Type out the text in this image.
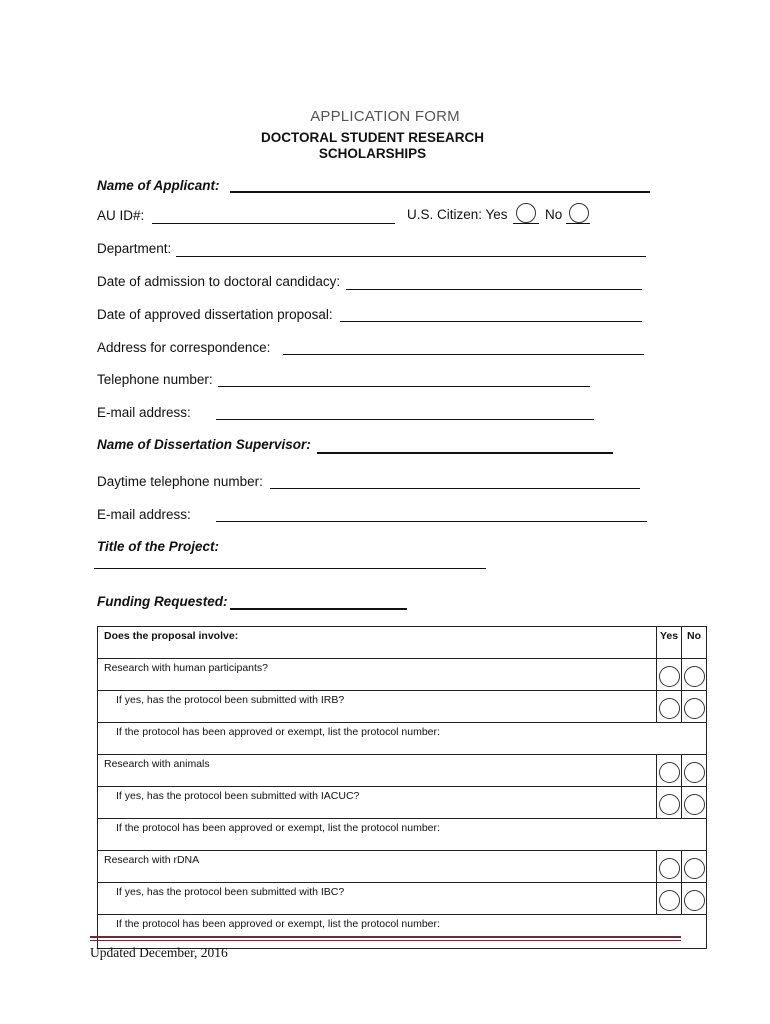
APPLICATION FORM
DOCTORAL STUDENT RESEARCH
SCHOLARSHIPS
Name of Applicant:
AU ID#:	U.S. Citizen: Yes	No
Department:
Date of admission to doctoral candidacy:
Date of approved dissertation proposal:
Address for correspondence:
Telephone number:
E-mail address:
Name of Dissertation Supervisor:
Daytime telephone number:
E-mail address:
Title of the Project:
Funding Requested:
Does the proposal involve:	Yes	No
Research with human participants?	

If yes, has the protocol been submitted with IRB?	

If the protocol has been approved or exempt, list the protocol number:		
Research with animals	

If yes, has the protocol been submitted with IACUC?	

If the protocol has been approved or exempt, list the protocol number:		
Research with rDNA	

If yes, has the protocol been submitted with IBC?	

If the protocol has been approved or exempt, list the protocol number:		
Updated December, 2016
